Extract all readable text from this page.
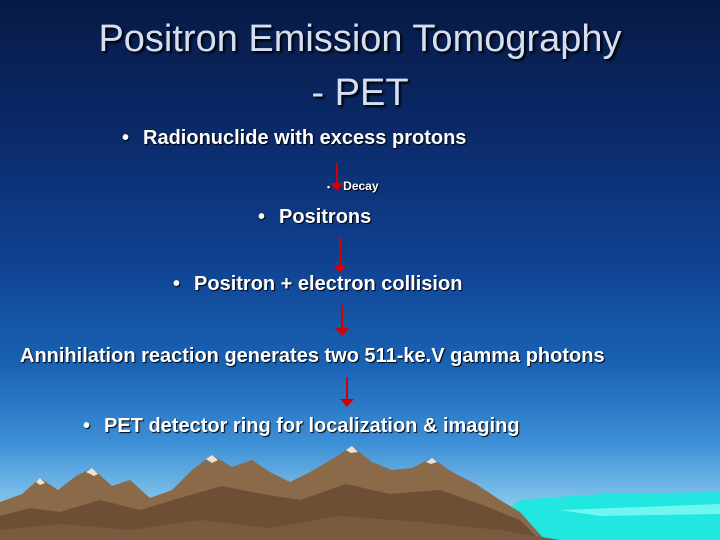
Positron Emission Tomography
- PET
• Radionuclide with excess protons
• Decay
• Positrons
• Positron + electron collision
Annihilation reaction generates two 511-ke.V gamma photons
• PET detector ring for localization & imaging
